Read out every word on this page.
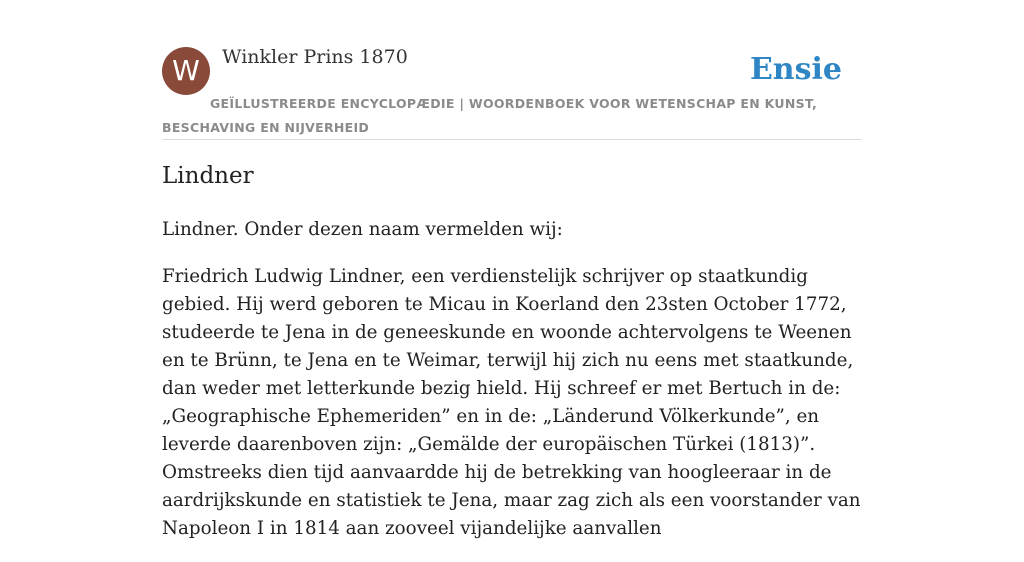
W	Winkler Prins 1870	Ensie
GEÏLLUSTREERDE ENCYCLOPÆDIE | WOORDENBOEK VOOR WETENSCHAP EN KUNST, BESCHAVING EN NIJVERHEID
Lindner

Lindner. Onder dezen naam vermelden wij:

Friedrich Ludwig Lindner, een verdienstelijk schrijver op staatkundig gebied. Hij werd geboren te Micau in Koerland den 23sten October 1772, studeerde te Jena in de geneeskunde en woonde achtervolgens te Weenen en te Brünn, te Jena en te Weimar, terwijl hij zich nu eens met staatkunde, dan weder met letterkunde bezig hield. Hij schreef er met Bertuch in de: „Geographische Ephemeriden” en in de: „Länderund Völkerkunde”, en leverde daarenboven zijn: „Gemälde der europäischen Türkei (1813)”. Omstreeks dien tijd aanvaardde hij de betrekking van hoogleeraar in de aardrijkskunde en statistiek te Jena, maar zag zich als een voorstander van Napoleon I in 1814 aan zooveel vijandelijke aanvallen
